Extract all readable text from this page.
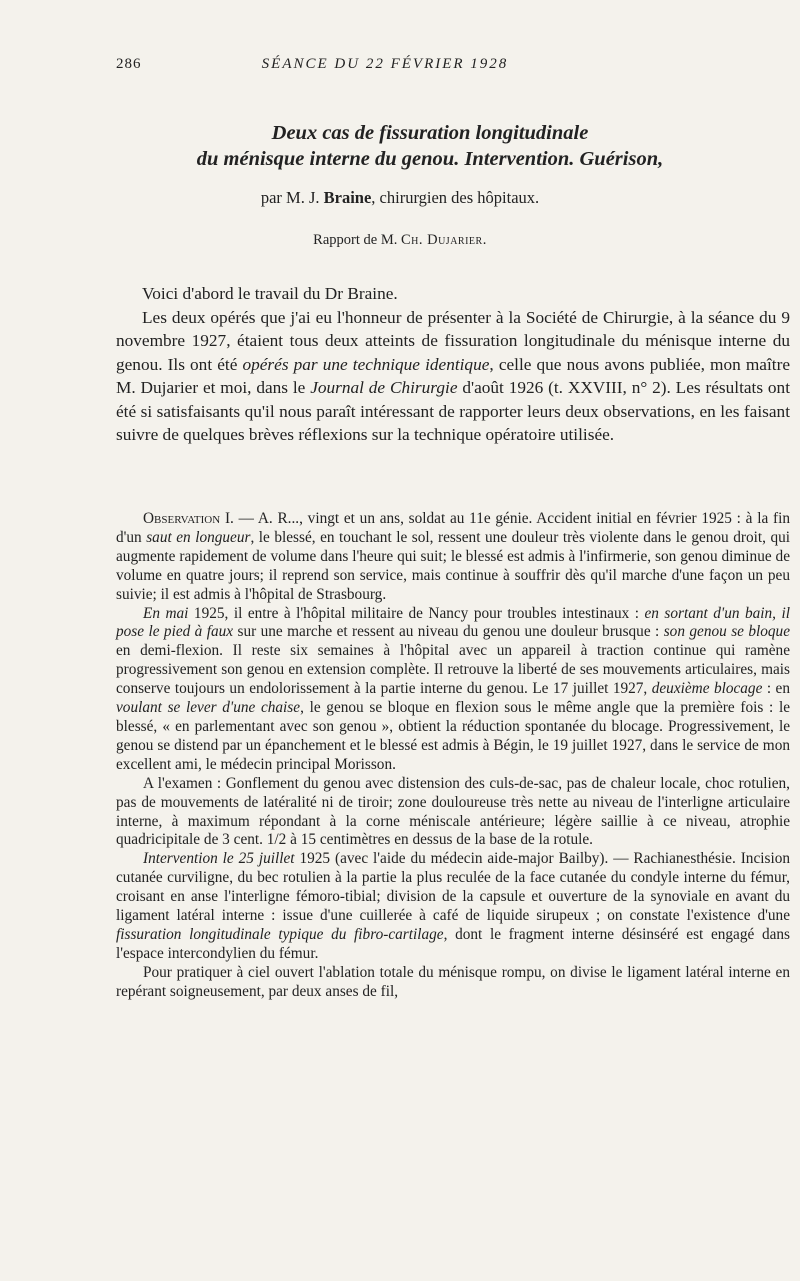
286	SÉANCE DU 22 FÉVRIER 1928
Deux cas de fissuration longitudinale
du ménisque interne du genou. Intervention. Guérison,
par M. J. Braine, chirurgien des hôpitaux.
Rapport de M. Ch. Dujarier.

Voici d'abord le travail du Dr Braine.

Les deux opérés que j'ai eu l'honneur de présenter à la Société de Chirurgie, à la séance du 9 novembre 1927, étaient tous deux atteints de fissuration longitudinale du ménisque interne du genou. Ils ont été opérés par une technique identique, celle que nous avons publiée, mon maître M. Dujarier et moi, dans le Journal de Chirurgie d'août 1926 (t. XXVIII, n° 2). Les résultats ont été si satisfaisants qu'il nous paraît intéressant de rapporter leurs deux observations, en les faisant suivre de quelques brèves réflexions sur la technique opératoire utilisée.

Observation I. — A. R..., vingt et un ans, soldat au 11e génie. Accident initial en février 1925 : à la fin d'un saut en longueur, le blessé, en touchant le sol, ressent une douleur très violente dans le genou droit, qui augmente rapidement de volume dans l'heure qui suit; le blessé est admis à l'infirmerie, son genou diminue de volume en quatre jours; il reprend son service, mais continue à souffrir dès qu'il marche d'une façon un peu suivie; il est admis à l'hôpital de Strasbourg.

En mai 1925, il entre à l'hôpital militaire de Nancy pour troubles intestinaux : en sortant d'un bain, il pose le pied à faux sur une marche et ressent au niveau du genou une douleur brusque : son genou se bloque en demi-flexion. Il reste six semaines à l'hôpital avec un appareil à traction continue qui ramène progressivement son genou en extension complète. Il retrouve la liberté de ses mouvements articulaires, mais conserve toujours un endolorissement à la partie interne du genou. Le 17 juillet 1927, deuxième blocage : en voulant se lever d'une chaise, le genou se bloque en flexion sous le même angle que la première fois : le blessé, « en parlementant avec son genou », obtient la réduction spontanée du blocage. Progressivement, le genou se distend par un épanchement et le blessé est admis à Bégin, le 19 juillet 1927, dans le service de mon excellent ami, le médecin principal Morisson.

A l'examen : Gonflement du genou avec distension des culs-de-sac, pas de chaleur locale, choc rotulien, pas de mouvements de latéralité ni de tiroir; zone douloureuse très nette au niveau de l'interligne articulaire interne, à maximum répondant à la corne méniscale antérieure; légère saillie à ce niveau, atrophie quadricipitale de 3 cent. 1/2 à 15 centimètres en dessus de la base de la rotule.

Intervention le 25 juillet 1925 (avec l'aide du médecin aide-major Bailby). — Rachianesthésie. Incision cutanée curviligne, du bec rotulien à la partie la plus reculée de la face cutanée du condyle interne du fémur, croisant en anse l'interligne fémoro-tibial; division de la capsule et ouverture de la synoviale en avant du ligament latéral interne : issue d'une cuillerée à café de liquide sirupeux ; on constate l'existence d'une fissuration longitudinale typique du fibro-cartilage, dont le fragment interne désinséré est engagé dans l'espace intercondylien du fémur.

Pour pratiquer à ciel ouvert l'ablation totale du ménisque rompu, on divise le ligament latéral interne en repérant soigneusement, par deux anses de fil,
